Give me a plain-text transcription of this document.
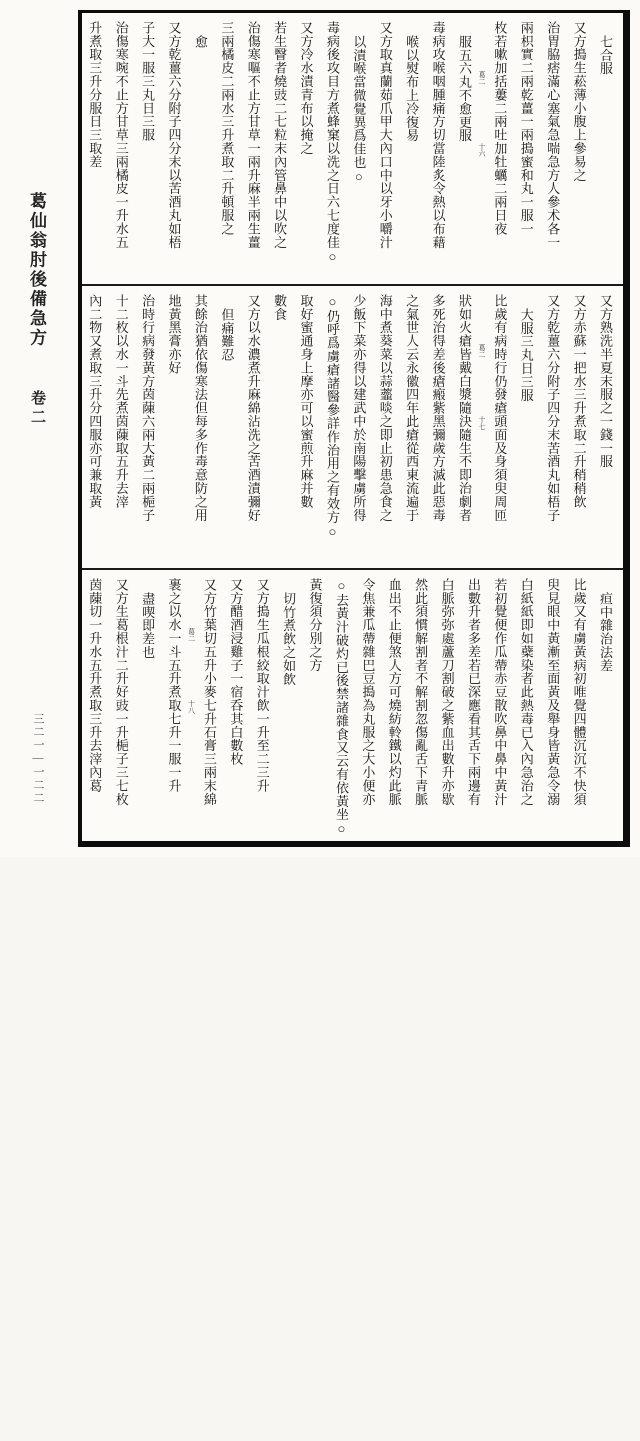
葛仙翁肘後備急方
卷二
三二一—一二二
七合服
又方搗生菘薄小腹上參易之
治胃脇痞滿心塞氣急喘急方人參术各一
兩枳實二兩乾薑一兩搗蜜和丸一服一
枚若嗽加括蔞二兩吐加牡蠣二兩日夜
葛二十六
服五六丸不愈更服
毒病攻喉咽腫痛方切當陸炙令熱以布藉
喉以熨布上冷復易
又方取真蘭茹爪甲大內口中以牙小嚼汁
以漬喉當微覺異爲佳也○
毒病後攻目方煮蜂窠以洗之日六七度佳○
又方冷水漬青布以掩之
若生瞖者燒豉二七粒末內管鼻中以吹之
治傷寒嘔不止方甘草一兩升麻半兩生薑
三兩橘皮二兩水三升煮取二升頓服之
愈
又方乾薑六分附子四分末以苦酒丸如梧
子大一服三丸日三服
治傷寒啘不止方甘草三兩橘皮一升水五
升煮取三升分服日三取差
又方熟洗半夏末服之一錢一服
又方赤蘇一把水三升煮取二升稍稍飲
又方乾薑六分附子四分末苦酒丸如梧子
大服三丸日三服
比歲有病時行仍發瘡頭面及身須臾周匝
葛二十七
狀如火瘡皆戴白漿隨決隨生不即治劇者
多死治得差後瘡瘢紫黑彌歲方滅此惡毒
之氣世人云永徽四年此瘡從西東流遍于
海中煮葵菜以蒜虀啖之即止初患急食之
少飯下菜亦得以建武中於南陽擊虜所得
○仍呼爲虜瘡諸醫參詳作治用之有效方○
取好蜜通身上摩亦可以蜜煎升麻并數
數食
又方以水濃煮升麻綿沾洗之苦酒漬彌好
但痛難忍
其餘治猶依傷寒法但每多作毒意防之用
地黃黑膏亦好
治時行病發黃方茵蔯六兩大黃二兩梔子
十二枚以水一斗先煮茵蔯取五升去滓
內二物又煮取三升分四服亦可兼取黃
疸中雜治法差
比歲又有虜黃病初唯覺四體沉沉不快須
臾見眼中黃漸至面黃及舉身皆黃急令溺
白紙紙即如蘗染者此熱毒已入內急治之
若初覺便作瓜蔕赤豆散吹鼻中鼻中黃汁
出數升者多差若已深應看其舌下兩邊有
白脈弥弥處蘆刀割破之紫血出數升亦歇
然此須慣解割者不解割忽傷亂舌下青脈
血出不止便煞人方可燒紡軨鐵以灼此脈
令焦兼瓜蔕雜巴豆搗為丸服之大小便亦
○去黃汁破灼已後禁諸雜食又云有依黃坐○
黃復須分別之方
切竹煮飲之如飲
又方搗生瓜根絞取汁飲一升至二三升
又方醋酒浸雞子一宿呑其白數枚
又方竹葉切五升小麥七升石膏三兩末綿
葛二十八
裹之以水一斗五升煮取七升一服一升
盡喫即差也
又方生葛根汁二升好豉一升梔子三七枚
茵蔯切一升水五升煮取三升去滓內葛
